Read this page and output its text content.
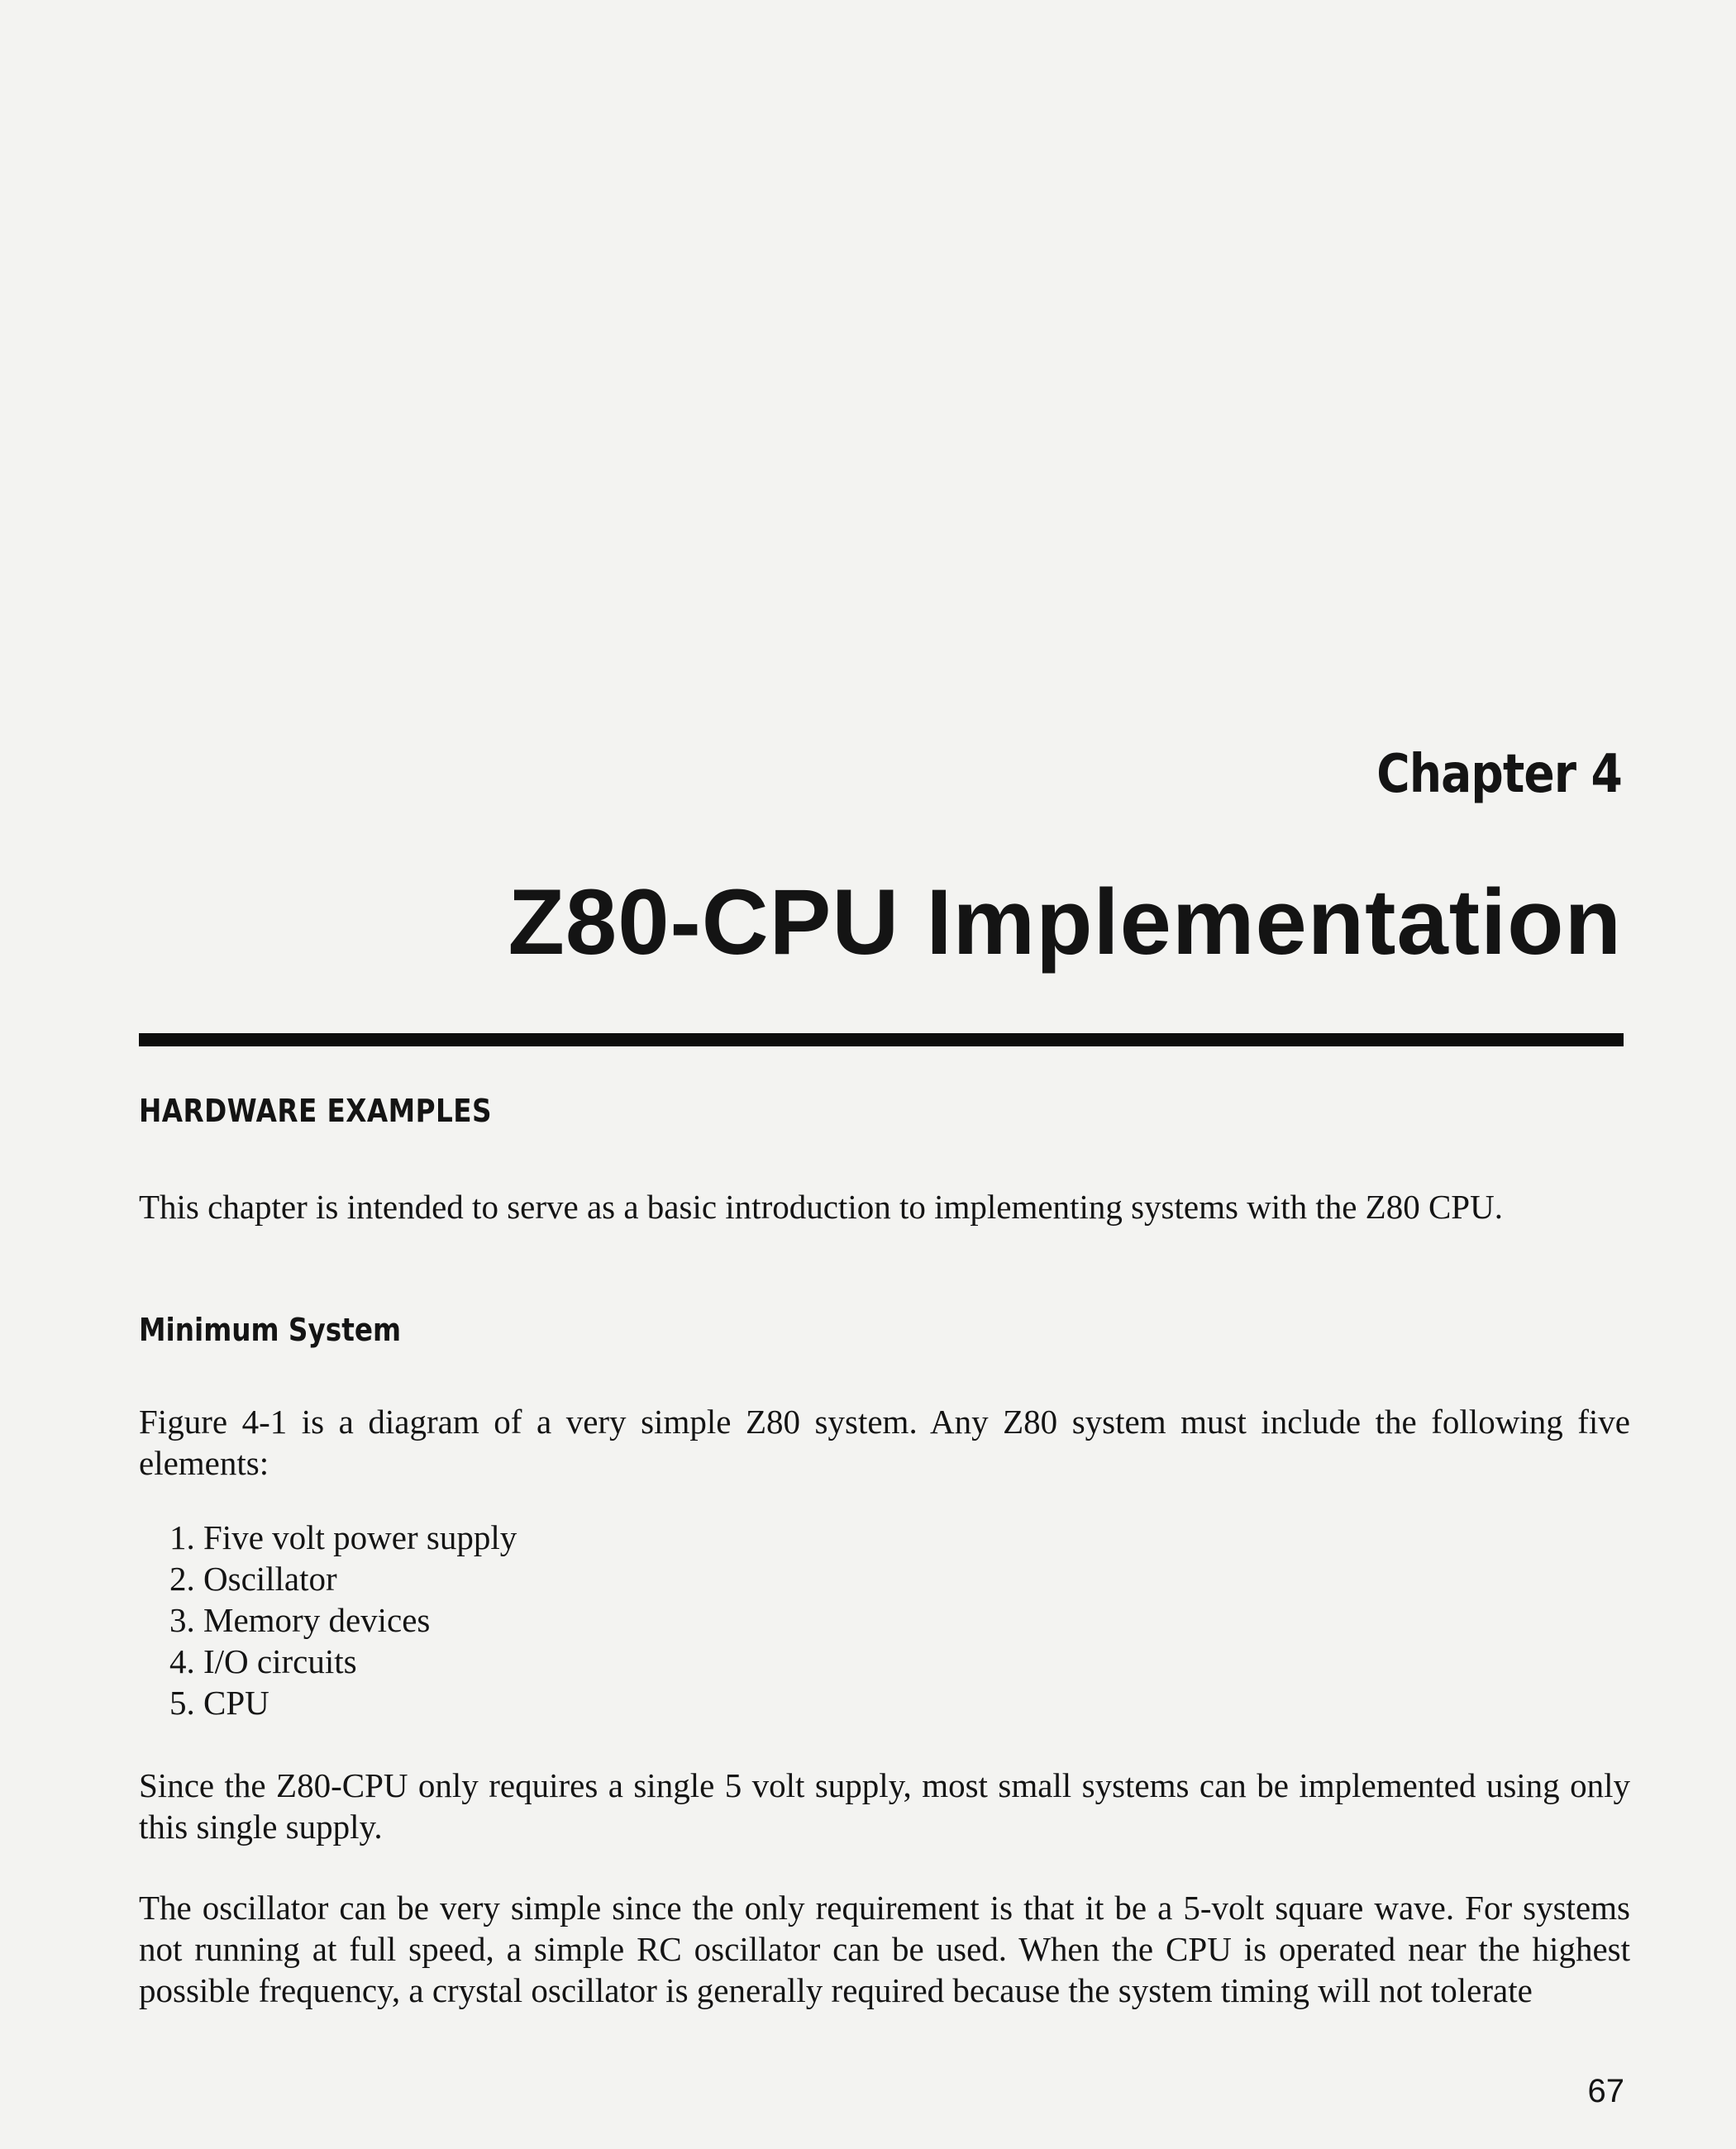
Chapter 4
Z80-CPU Implementation
HARDWARE EXAMPLES

This chapter is intended to serve as a basic introduction to implementing systems with the Z80 CPU.

Minimum System

Figure 4-1 is a diagram of a very simple Z80 system. Any Z80 system must include the following five elements:

1. Five volt power supply
2. Oscillator
3. Memory devices
4. I/O circuits
5. CPU

Since the Z80-CPU only requires a single 5 volt supply, most small systems can be implemented using only this single supply.

The oscillator can be very simple since the only requirement is that it be a 5-volt square wave. For systems not running at full speed, a simple RC oscillator can be used. When the CPU is operated near the highest possible frequency, a crystal oscillator is generally required because the system timing will not tolerate

67
